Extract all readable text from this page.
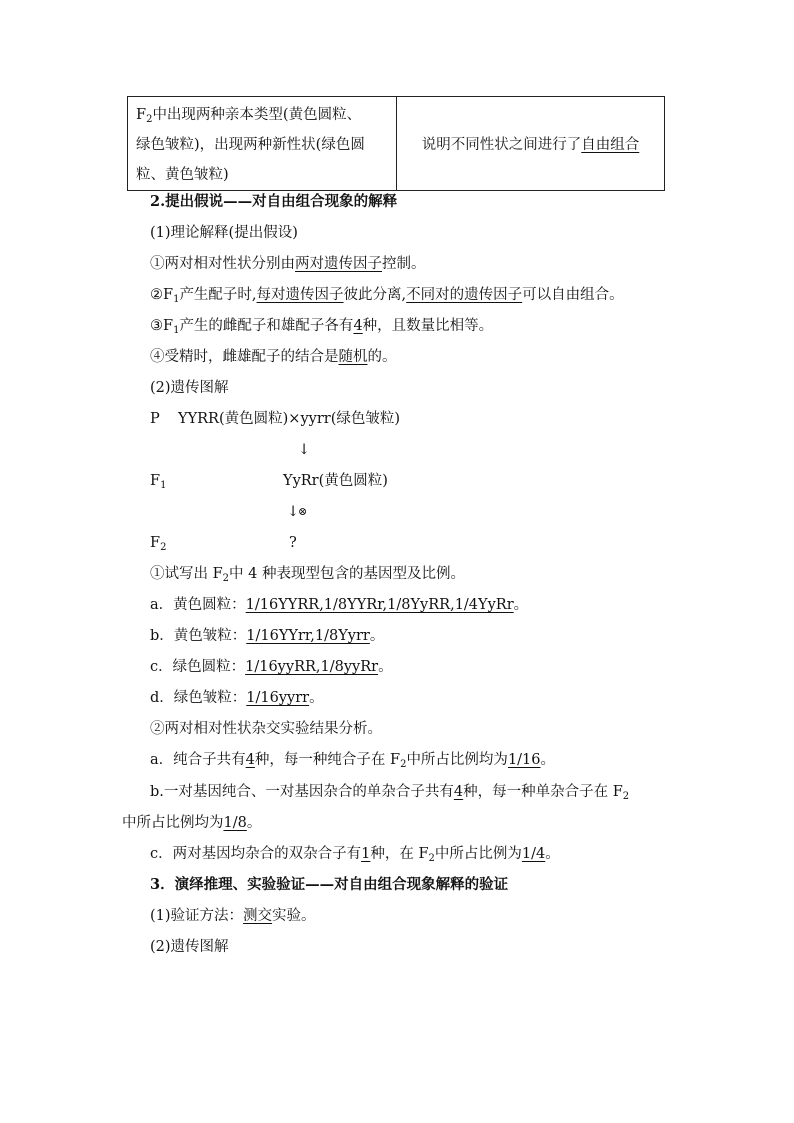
$F_2$中出现两种亲本类型(黄色圆粒、
绿色皱粒)，出现两种新性状(绿色圆
粒、黄色皱粒)
	说明不同性状之间进行了自由组合
2.提出假说——对自由组合现象的解释
(1)理论解释(提出假设)
①两对相对性状分别由两对遗传因子控制。
$②F_1$产生配子时,每对遗传因子彼此分离,不同对的遗传因子可以自由组合。
$③F_1$产生的雌配子和雄配子各有4种，且数量比相等。
④受精时，雌雄配子的结合是随机的。
(2)遗传图解
P YYRR(黄色圆粒)×yyrr(绿色皱粒)
↓
$F_1$	YyRr(黄色圆粒)
↓
⊗
$F_2$	?
①试写出 $F_2$中 4 种表现型包含的基因型及比例。
a．黄色圆粒：1/16YYRR,1/8YYRr,1/8YyRR,1/4YyRr。
b．黄色皱粒：1/16YYrr,1/8Yyrr。
c．绿色圆粒：1/16yyRR,1/8yyRr。
d．绿色皱粒：1/16yyrr。
②两对相对性状杂交实验结果分析。
a．纯合子共有4种，每一种纯合子在 $F_2$中所占比例均为1/16。
b.一对基因纯合、一对基因杂合的单杂合子共有4种，每一种单杂合子在 $F_2$
中所占比例均为1/8。
c．两对基因均杂合的双杂合子有1种，在 $F_2$中所占比例为1/4。
3．演绎推理、实验验证——对自由组合现象解释的验证
(1)验证方法：测交实验。
(2)遗传图解
